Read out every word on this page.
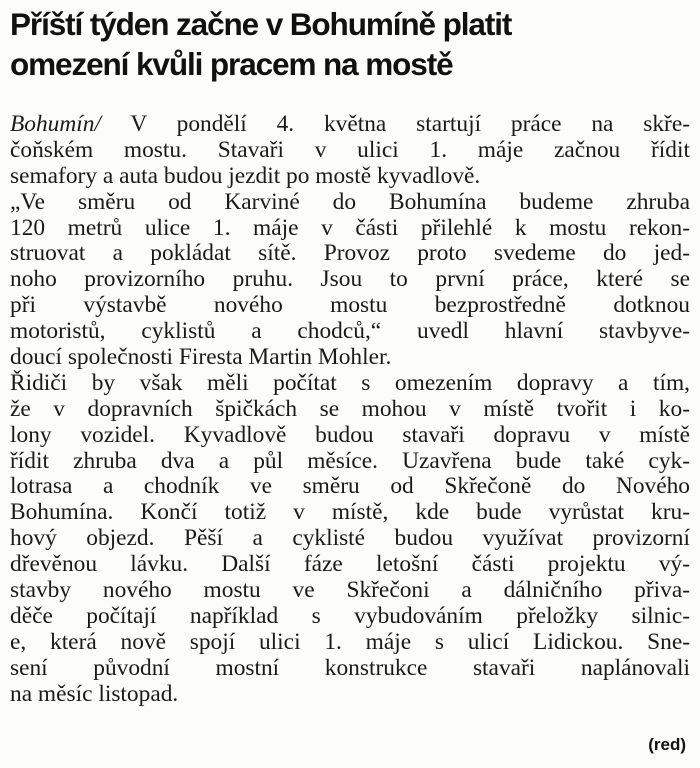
Příští týden začne v Bohumíně platit
omezení kvůli pracem na mostě
Bohumín/ V pondělí 4. května startují práce na skře-
čoňském mostu. Stavaři v ulici 1. máje začnou řídit
semafory a auta budou jezdit po mostě kyvadlově.
„Ve směru od Karviné do Bohumína budeme zhruba
120 metrů ulice 1. máje v části přilehlé k mostu rekon-
struovat a pokládat sítě. Provoz proto svedeme do jed-
noho provizorního pruhu. Jsou to první práce, které se
při výstavbě nového mostu bezprostředně dotknou
motoristů, cyklistů a chodců,“ uvedl hlavní stavbyve-
doucí společnosti Firesta Martin Mohler.
Řidiči by však měli počítat s omezením dopravy a tím,
že v dopravních špičkách se mohou v místě tvořit i ko-
lony vozidel. Kyvadlově budou stavaři dopravu v místě
řídit zhruba dva a půl měsíce. Uzavřena bude také cyk-
lotrasa a chodník ve směru od Skřečoně do Nového
Bohumína. Končí totiž v místě, kde bude vyrůstat kru-
hový objezd. Pěší a cyklisté budou využívat provizorní
dřevěnou lávku. Další fáze letošní části projektu vý-
stavby nového mostu ve Skřečoni a dálničního přiva-
děče počítají například s vybudováním přeložky silnic-
e, která nově spojí ulici 1. máje s ulicí Lidickou. Sne-
sení původní mostní konstrukce stavaři naplánovali
na měsíc listopad.
(red)
